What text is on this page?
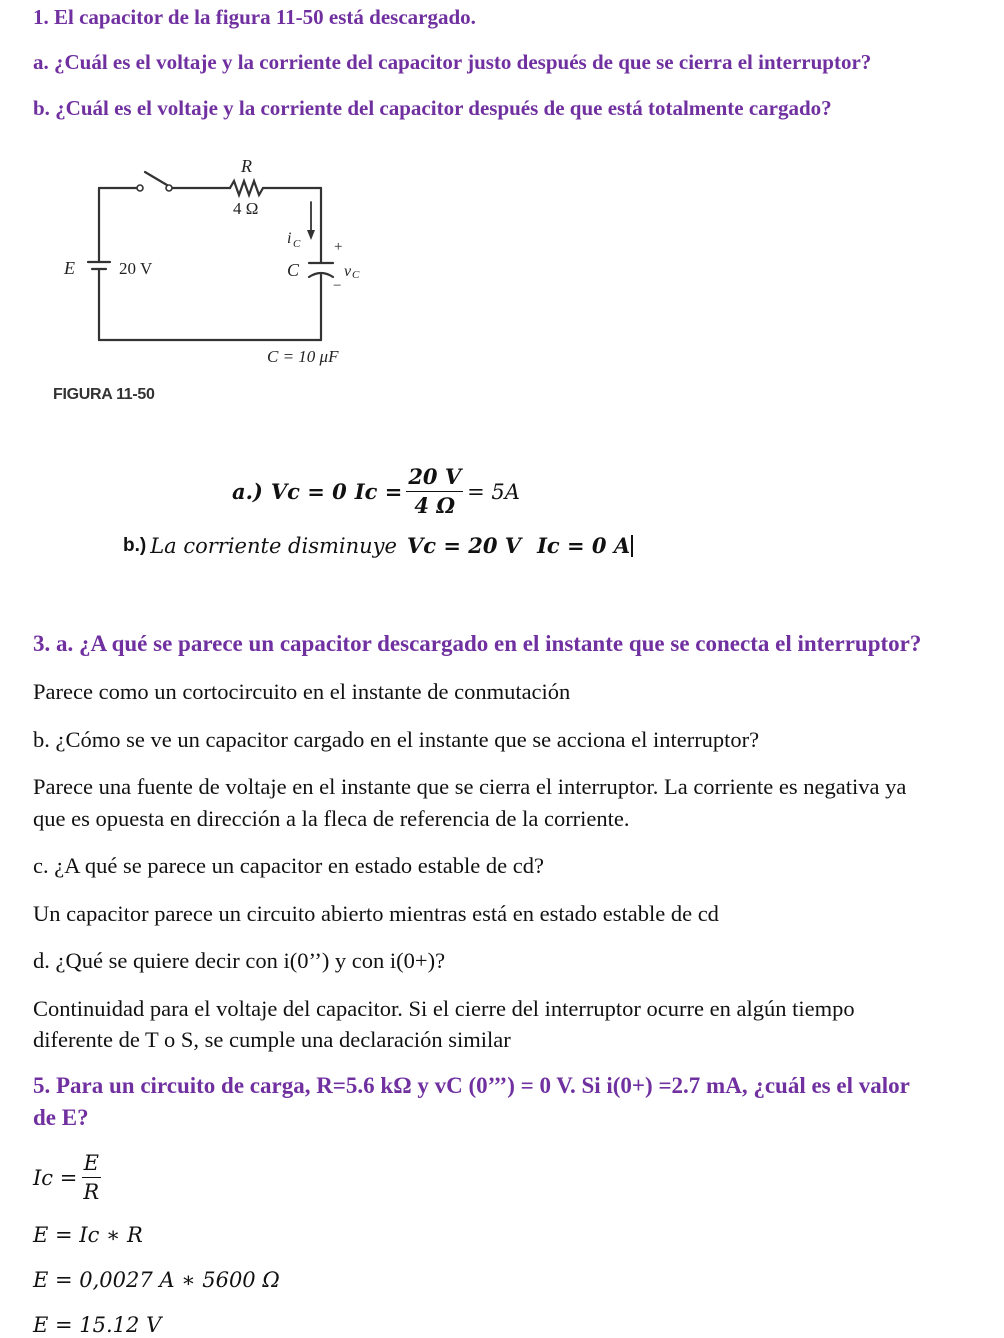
1. El capacitor de la figura 11-50 está descargado.
a. ¿Cuál es el voltaje y la corriente del capacitor justo después de que se cierra el interruptor?
b. ¿Cuál es el voltaje y la corriente del capacitor después de que está totalmente cargado?
R
4 Ω
E	20 V
i C
C
+
v C
−
C = 10 μF
FIGURA 11-50
a.) Vc = 0 $Ic = \frac{20 V}{4 \Omega} = 5A$
b.) La corriente disminuye Vc = 20 V Ic = 0 A
3. a. ¿A qué se parece un capacitor descargado en el instante que se conecta el interruptor?
Parece como un cortocircuito en el instante de conmutación
b. ¿Cómo se ve un capacitor cargado en el instante que se acciona el interruptor?
Parece una fuente de voltaje en el instante que se cierra el interruptor. La corriente es negativa ya
que es opuesta en dirección a la fleca de referencia de la corriente.
c. ¿A qué se parece un capacitor en estado estable de cd?
Un capacitor parece un circuito abierto mientras está en estado estable de cd
d. ¿Qué se quiere decir con i(0’’) y con i(0+)?
Continuidad para el voltaje del capacitor. Si el cierre del interruptor ocurre en algún tiempo
diferente de T o S, se cumple una declaración similar
5. Para un circuito de carga, R=5.6 kΩ y vC (0’’’) = 0 V. Si i(0+) =2.7 mA, ¿cuál es el valor
de E?
$Ic = \frac{E}{R}$
E = Ic ∗ R
E = 0,0027 A ∗ 5600 Ω
E = 15.12 V
